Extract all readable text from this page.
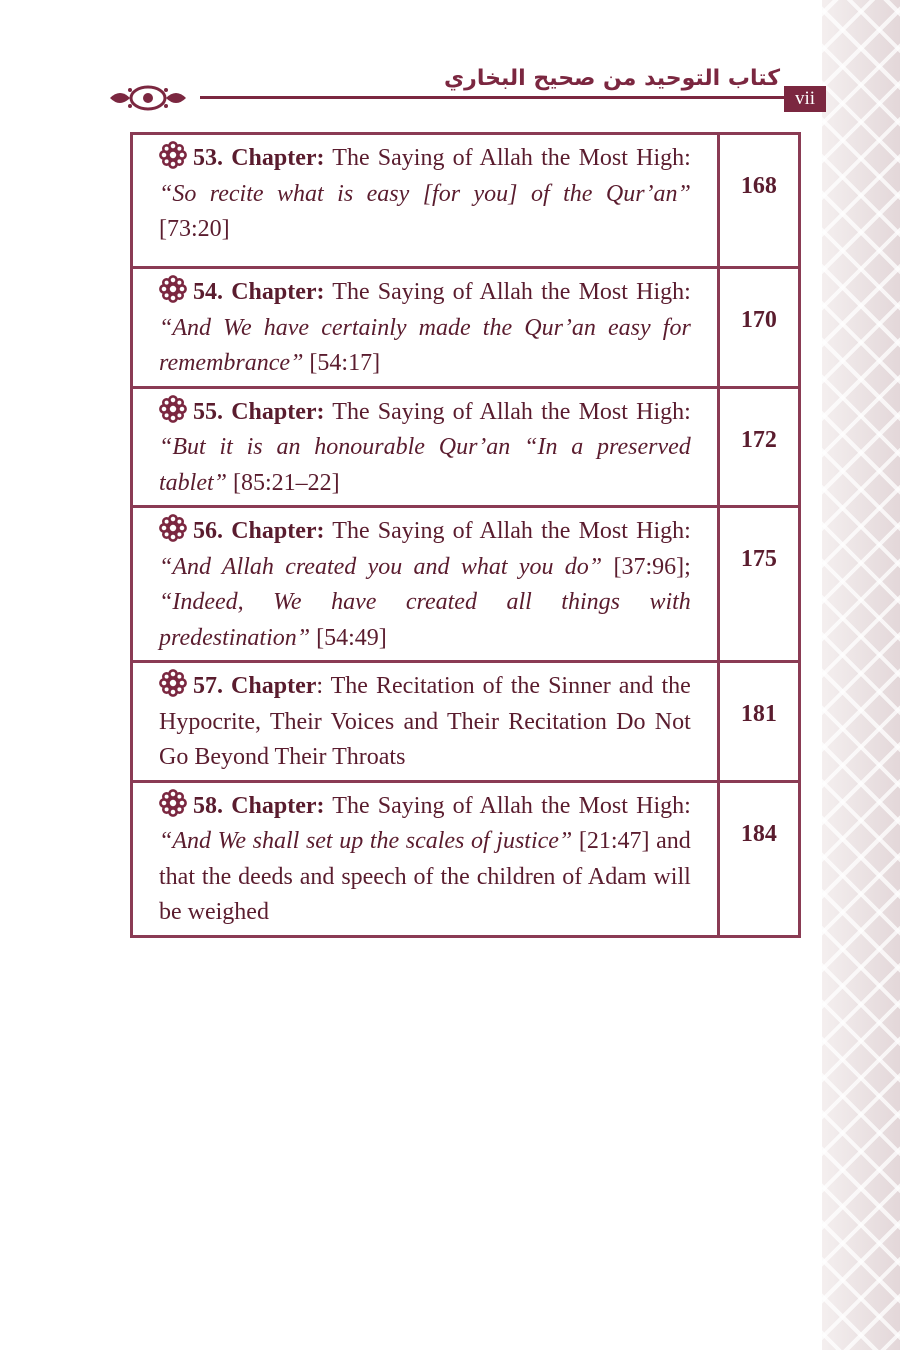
كتاب التوحيد من صحيح البخاري
vii
53. Chapter: The Saying of Allah the Most High: “So recite what is easy [for you] of the Qur’an” [73:20]	168
54. Chapter: The Saying of Allah the Most High: “And We have certainly made the Qur’an easy for remembrance” [54:17]	170
55. Chapter: The Saying of Allah the Most High: “But it is an honourable Qur’an “In a preserved tablet” [85:21–22]	172
56. Chapter: The Saying of Allah the Most High: “And Allah created you and what you do” [37:96]; “Indeed, We have created all things with predestination” [54:49]	175
57. Chapter: The Recitation of the Sinner and the Hypocrite, Their Voices and Their Recitation Do Not Go Beyond Their Throats	181
58. Chapter: The Saying of Allah the Most High: “And We shall set up the scales of justice” [21:47] and that the deeds and speech of the children of Adam will be weighed	184
